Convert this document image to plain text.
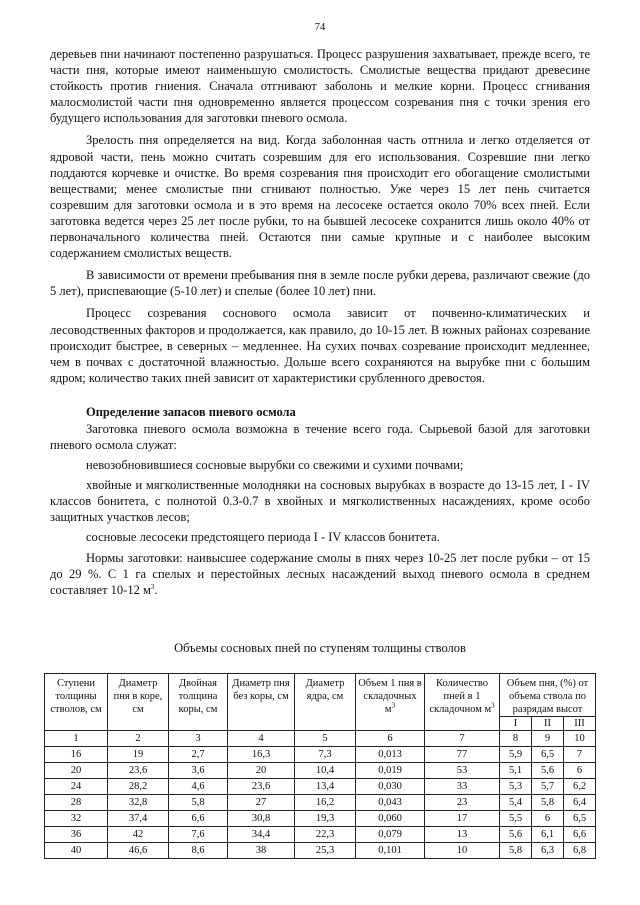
74

деревьев пни начинают постепенно разрушаться. Процесс разрушения захватывает, прежде всего, те части пня, которые имеют наименьшую смолистость. Смолистые вещества придают древесине стойкость против гниения. Сначала отгнивают заболонь и мелкие корни. Процесс сгнивания малосмолистой части пня одновременно является процессом созревания пня с точки зрения его будущего использования для заготовки пневого осмола.

Зрелость пня определяется на вид. Когда заболонная часть отгнила и легко отделяется от ядровой части, пень можно считать созревшим для его использования. Созревшие пни легко поддаются корчевке и очистке. Во время созревания пня происходит его обогащение смолистыми веществами; менее смолистые пни сгнивают полностью. Уже через 15 лет пень считается созревшим для заготовки осмола и в это время на лесосеке остается около 70% всех пней. Если заготовка ведется через 25 лет после рубки, то на бывшей лесосеке сохранится лишь около 40% от первоначального количества пней. Остаются пни самые крупные и с наиболее высоким содержанием смолистых веществ.

В зависимости от времени пребывания пня в земле после рубки дерева, различают свежие (до 5 лет), приспевающие (5-10 лет) и спелые (более 10 лет) пни.

Процесс созревания соснового осмола зависит от почвенно-климатических и лесоводственных факторов и продолжается, как правило, до 10-15 лет. В южных районах созревание происходит быстрее, в северных – медленнее. На сухих почвах созревание происходит медленнее, чем в почвах с достаточной влажностью. Дольше всего сохраняются на вырубке пни с большим ядром; количество таких пней зависит от характеристики срубленного древостоя.

Определение запасов пневого осмола

Заготовка пневого осмола возможна в течение всего года. Сырьевой базой для заготовки пневого осмола служат:

невозобновившиеся сосновые вырубки со свежими и сухими почвами;

хвойные и мягколиственные молодняки на сосновых вырубках в возрасте до 13-15 лет, I - IV классов бонитета, с полнотой 0.3-0.7 в хвойных и мягколиственных насаждениях, кроме особо защитных участков лесов;

сосновые лесосеки предстоящего периода I - IV классов бонитета.

Нормы заготовки: наивысшее содержание смолы в пнях через 10-25 лет после рубки – от 15 до 29 %. С 1 га спелых и перестойных лесных насаждений выход пневого осмола в среднем составляет 10-12 $м^3$.

Объемы сосновых пней по ступеням толщины стволов
Ступени толщины стволов, см	Диаметр пня в коре, см	Двойная толщина коры, см	Диаметр пня без коры, см	Диаметр ядра, см	Объем 1 пня в складочных $м^3$	Количество пней в 1 складочном $м^3$	Объем пня, (%) от объема ствола по разрядам высот		
							I	II	III
1	2	3	4	5	6	7	8	9	10
16	19	2,7	16,3	7,3	0,013	77	5,9	6,5	7
20	23,6	3,6	20	10,4	0,019	53	5,1	5,6	6
24	28,2	4,6	23,6	13,4	0,030	33	5,3	5,7	6,2
28	32,8	5,8	27	16,2	0,043	23	5,4	5,8	6,4
32	37,4	6,6	30,8	19,3	0,060	17	5,5	6	6,5
36	42	7,6	34,4	22,3	0,079	13	5,6	6,1	6,6
40	46,6	8,6	38	25,3	0,101	10	5,8	6,3	6,8
